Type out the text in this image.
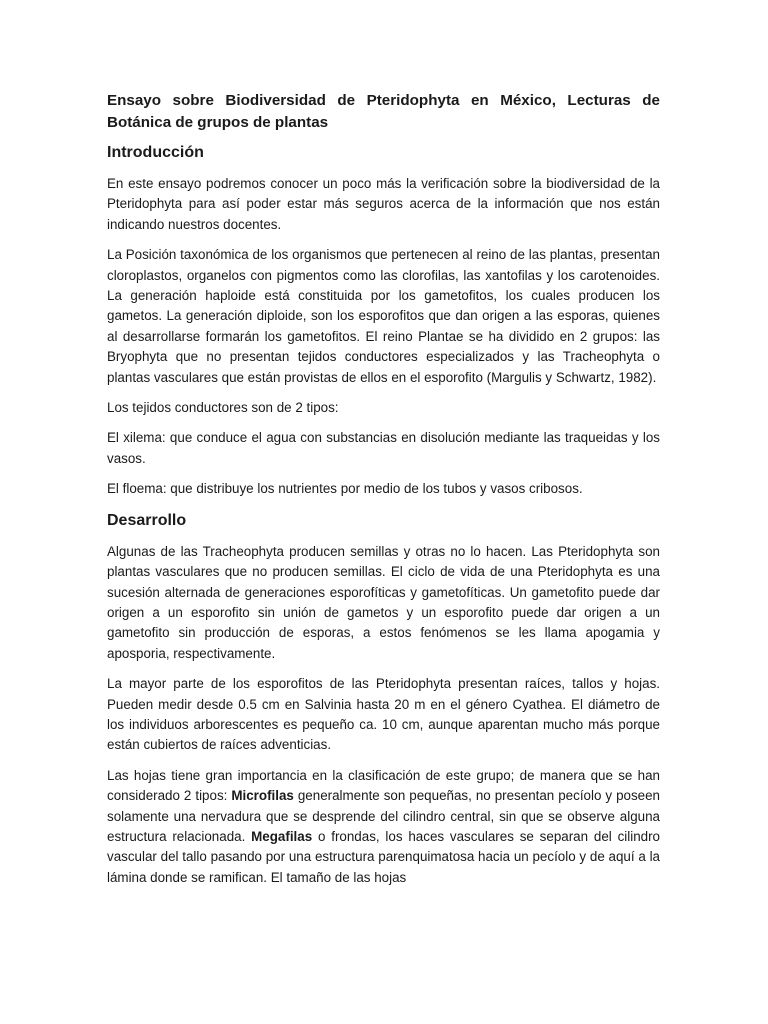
Ensayo sobre Biodiversidad de Pteridophyta en México, Lecturas de Botánica de grupos de plantas
Introducción

En este ensayo podremos conocer un poco más la verificación sobre la biodiversidad de la Pteridophyta para así poder estar más seguros acerca de la información que nos están indicando nuestros docentes.

La Posición taxonómica de los organismos que pertenecen al reino de las plantas, presentan cloroplastos, organelos con pigmentos como las clorofilas, las xantofilas y los carotenoides. La generación haploide está constituida por los gametofitos, los cuales producen los gametos. La generación diploide, son los esporofitos que dan origen a las esporas, quienes al desarrollarse formarán los gametofitos. El reino Plantae se ha dividido en 2 grupos: las Bryophyta que no presentan tejidos conductores especializados y las Tracheophyta o plantas vasculares que están provistas de ellos en el esporofito (Margulis y Schwartz, 1982).

Los tejidos conductores son de 2 tipos:

El xilema: que conduce el agua con substancias en disolución mediante las traqueidas y los vasos.

El floema: que distribuye los nutrientes por medio de los tubos y vasos cribosos.

Desarrollo

Algunas de las Tracheophyta producen semillas y otras no lo hacen. Las Pteridophyta son plantas vasculares que no producen semillas. El ciclo de vida de una Pteridophyta es una sucesión alternada de generaciones esporofíticas y gametofíticas. Un gametofito puede dar origen a un esporofito sin unión de gametos y un esporofito puede dar origen a un gametofito sin producción de esporas, a estos fenómenos se les llama apogamia y aposporia, respectivamente.

La mayor parte de los esporofitos de las Pteridophyta presentan raíces, tallos y hojas. Pueden medir desde 0.5 cm en Salvinia hasta 20 m en el género Cyathea. El diámetro de los individuos arborescentes es pequeño ca. 10 cm, aunque aparentan mucho más porque están cubiertos de raíces adventicias.

Las hojas tiene gran importancia en la clasificación de este grupo; de manera que se han considerado 2 tipos: Microfilas generalmente son pequeñas, no presentan pecíolo y poseen solamente una nervadura que se desprende del cilindro central, sin que se observe alguna estructura relacionada. Megafilas o frondas, los haces vasculares se separan del cilindro vascular del tallo pasando por una estructura parenquimatosa hacia un pecíolo y de aquí a la lámina donde se ramifican. El tamaño de las hojas
